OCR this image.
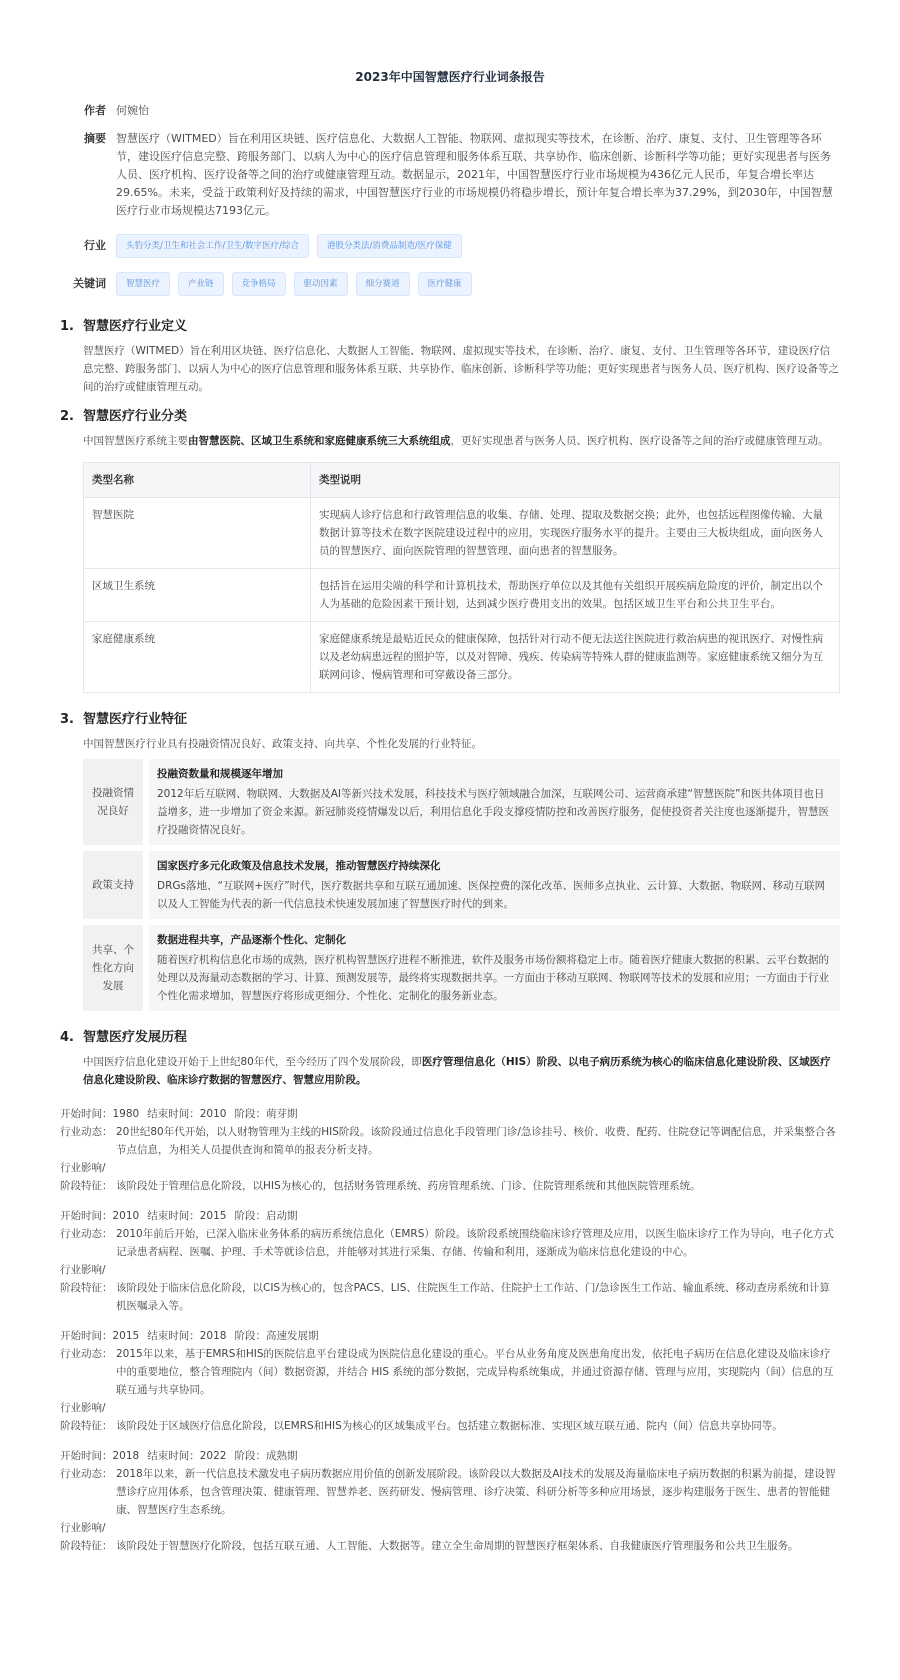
2023年中国智慧医疗行业词条报告
作者 何婉怡
摘要 智慧医疗（WITMED）旨在利用区块链、医疗信息化、大数据人工智能、物联网、虚拟现实等技术，在诊断、治疗、康复、支付、卫生管理等各环节，建设医疗信息完整、跨服务部门、以病人为中心的医疗信息管理和服务体系互联、共享协作、临床创新、诊断科学等功能；更好实现患者与医务人员、医疗机构、医疗设备等之间的治疗或健康管理互动。数据显示，2021年，中国智慧医疗行业市场规模为436亿元人民币，年复合增长率达29.65%。未来，受益于政策利好及持续的需求，中国智慧医疗行业的市场规模仍将稳步增长，预计年复合增长率为37.29%，到2030年，中国智慧医疗行业市场规模达7193亿元。
行业	头豹分类/卫生和社会工作/卫生/数字医疗/综合	港股分类法/消费品制造/医疗保健
关键词	智慧医疗	产业链	竞争格局	驱动因素	细分赛道	医疗健康
1. 智慧医疗行业定义
智慧医疗（WITMED）旨在利用区块链、医疗信息化、大数据人工智能、物联网、虚拟现实等技术，在诊断、治疗、康复、支付、卫生管理等各环节，建设医疗信息完整、跨服务部门、以病人为中心的医疗信息管理和服务体系互联、共享协作、临床创新、诊断科学等功能；更好实现患者与医务人员、医疗机构、医疗设备等之间的治疗或健康管理互动。
2. 智慧医疗行业分类
中国智慧医疗系统主要由智慧医院、区域卫生系统和家庭健康系统三大系统组成，更好实现患者与医务人员、医疗机构、医疗设备等之间的治疗或健康管理互动。
类型名称	类型说明
智慧医院	实现病人诊疗信息和行政管理信息的收集、存储、处理、提取及数据交换；此外，也包括远程图像传输、大量数据计算等技术在数字医院建设过程中的应用，实现医疗服务水平的提升。主要由三大板块组成，面向医务人员的智慧医疗、面向医院管理的智慧管理、面向患者的智慧服务。
区域卫生系统	包括旨在运用尖端的科学和计算机技术，帮助医疗单位以及其他有关组织开展疾病危险度的评价，制定出以个人为基础的危险因素干预计划，达到减少医疗费用支出的效果。包括区域卫生平台和公共卫生平台。
家庭健康系统	家庭健康系统是最贴近民众的健康保障，包括针对行动不便无法送往医院进行救治病患的视讯医疗、对慢性病以及老幼病患远程的照护等，以及对智障、残疾、传染病等特殊人群的健康监测等。家庭健康系统又细分为互联网问诊、慢病管理和可穿戴设备三部分。
3. 智慧医疗行业特征
中国智慧医疗行业具有投融资情况良好、政策支持、向共享、个性化发展的行业特征。
投融资情况良好
投融资数量和规模逐年增加
2012年后互联网、物联网、大数据及AI等新兴技术发展，科技技术与医疗领域融合加深，互联网公司、运营商承建“智慧医院”和医共体项目也日益增多，进一步增加了资金来源。新冠肺炎疫情爆发以后，利用信息化手段支撑疫情防控和改善医疗服务，促使投资者关注度也逐渐提升，智慧医疗投融资情况良好。
政策支持
国家医疗多元化政策及信息技术发展，推动智慧医疗持续深化
DRGs落地、“互联网+医疗”时代，医疗数据共享和互联互通加速、医保控费的深化改革、医师多点执业、云计算、大数据、物联网、移动互联网以及人工智能为代表的新一代信息技术快速发展加速了智慧医疗时代的到来。
共享、个性化方向发展
数据进程共享，产品逐渐个性化、定制化
随着医疗机构信息化市场的成熟，医疗机构智慧医疗进程不断推进，软件及服务市场份额将稳定上市。随着医疗健康大数据的积累、云平台数据的处理以及海量动态数据的学习、计算、预测发展等，最终将实现数据共享。一方面由于移动互联网、物联网等技术的发展和应用；一方面由于行业个性化需求增加，智慧医疗将形成更细分、个性化、定制化的服务新业态。
4. 智慧医疗发展历程
中国医疗信息化建设开始于上世纪80年代，至今经历了四个发展阶段，即医疗管理信息化（HIS）阶段、以电子病历系统为核心的临床信息化建设阶段、区域医疗信息化建设阶段、临床诊疗数据的智慧医疗、智慧应用阶段。
开始时间： 1980 结束时间： 2010 阶段： 萌芽期
行业动态： 20世纪80年代开始，以人财物管理为主线的HIS阶段。该阶段通过信息化手段管理门诊/急诊挂号、核价、收费、配药、住院登记等调配信息，并采集整合各节点信息，为相关人员提供查询和简单的报表分析支持。
行业影响/
阶段特征： 该阶段处于管理信息化阶段，以HIS为核心的，包括财务管理系统、药房管理系统、门诊、住院管理系统和其他医院管理系统。
开始时间： 2010 结束时间： 2015 阶段： 启动期
行业动态： 2010年前后开始，已深入临床业务体系的病历系统信息化（EMRS）阶段。该阶段系统围绕临床诊疗管理及应用，以医生临床诊疗工作为导向，电子化方式记录患者病程、医嘱、护理、手术等就诊信息，并能够对其进行采集、存储、传输和利用，逐渐成为临床信息化建设的中心。
行业影响/
阶段特征： 该阶段处于临床信息化阶段，以CIS为核心的，包含PACS、LIS、住院医生工作站、住院护士工作站、门/急诊医生工作站、输血系统、移动查房系统和计算机医嘱录入等。
开始时间： 2015 结束时间： 2018 阶段： 高速发展期
行业动态： 2015年以来，基于EMRS和HIS的医院信息平台建设成为医院信息化建设的重心。平台从业务角度及医患角度出发，依托电子病历在信息化建设及临床诊疗中的重要地位，整合管理院内（间）数据资源，并结合 HIS 系统的部分数据，完成异构系统集成，并通过资源存储、管理与应用，实现院内（间）信息的互联互通与共享协同。
行业影响/
阶段特征： 该阶段处于区域医疗信息化阶段，以EMRS和HIS为核心的区域集成平台。包括建立数据标准、实现区域互联互通、院内（间）信息共享协同等。
开始时间： 2018 结束时间： 2022 阶段： 成熟期
行业动态： 2018年以来，新一代信息技术激发电子病历数据应用价值的创新发展阶段。该阶段以大数据及AI技术的发展及海量临床电子病历数据的积累为前提，建设智慧诊疗应用体系，包含管理决策、健康管理、智慧养老、医药研发、慢病管理、诊疗决策、科研分析等多种应用场景，逐步构建服务于医生、患者的智能健康、智慧医疗生态系统。
行业影响/
阶段特征： 该阶段处于智慧医疗化阶段，包括互联互通、人工智能、大数据等。建立全生命周期的智慧医疗框架体系、自我健康医疗管理服务和公共卫生服务。
